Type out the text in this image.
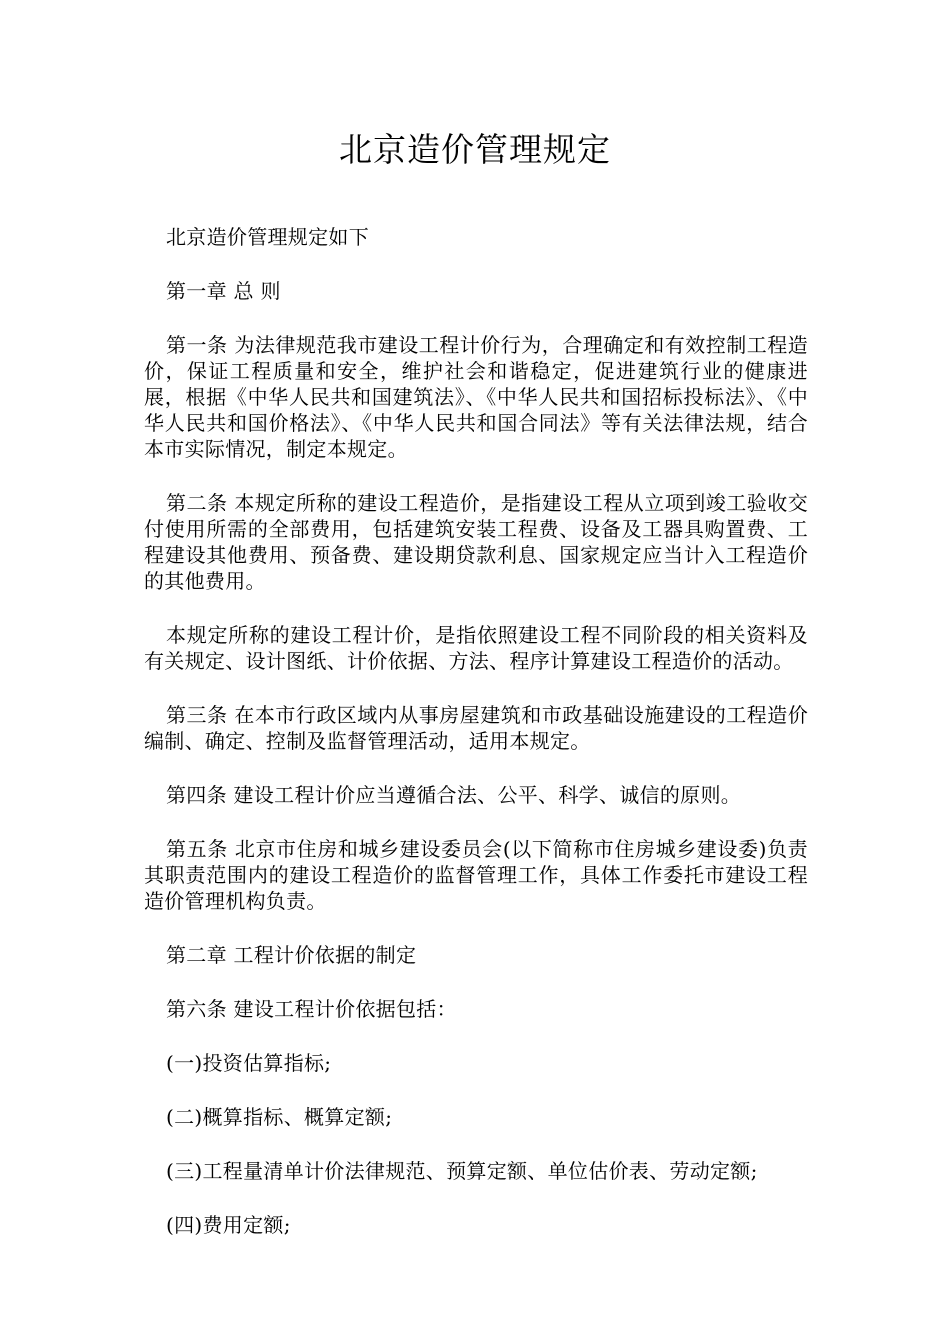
北京造价管理规定

北京造价管理规定如下

第一章 总 则

第一条 为法律规范我市建设工程计价行为，合理确定和有效控制工程造价，保证工程质量和安全，维护社会和谐稳定，促进建筑行业的健康进展，根据《中华人民共和国建筑法》、《中华人民共和国招标投标法》、《中华人民共和国价格法》、《中华人民共和国合同法》等有关法律法规，结合本市实际情况，制定本规定。

第二条 本规定所称的建设工程造价，是指建设工程从立项到竣工验收交付使用所需的全部费用，包括建筑安装工程费、设备及工器具购置费、工程建设其他费用、预备费、建设期贷款利息、国家规定应当计入工程造价的其他费用。

本规定所称的建设工程计价，是指依照建设工程不同阶段的相关资料及有关规定、设计图纸、计价依据、方法、程序计算建设工程造价的活动。

第三条 在本市行政区域内从事房屋建筑和市政基础设施建设的工程造价编制、确定、控制及监督管理活动，适用本规定。

第四条 建设工程计价应当遵循合法、公平、科学、诚信的原则。

第五条 北京市住房和城乡建设委员会(以下简称市住房城乡建设委)负责其职责范围内的建设工程造价的监督管理工作，具体工作委托市建设工程造价管理机构负责。

第二章 工程计价依据的制定

第六条 建设工程计价依据包括：

(一)投资估算指标;

(二)概算指标、概算定额;

(三)工程量清单计价法律规范、预算定额、单位估价表、劳动定额;

(四)费用定额;
